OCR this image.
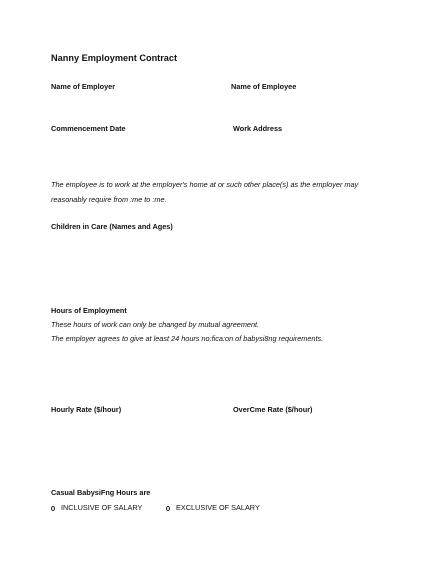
Nanny Employment Contract
Name of Employer	Name of Employee
Commencement Date	Work Address
The employee is to work at the employer's home at or such other place(s) as the employer may
reasonably require from :me to :me.
Children in Care (Names and Ages)
Hours of Employment
These hours of work can only be changed by mutual agreement.
The employer agrees to give at least 24 hours no:fica:on of babysi8ng requirements.
Hourly Rate ($/hour)	OverCme Rate ($/hour)
Casual BabysiFng Hours are
INCLUSIVE OF SALARY	EXCLUSIVE OF SALARY
